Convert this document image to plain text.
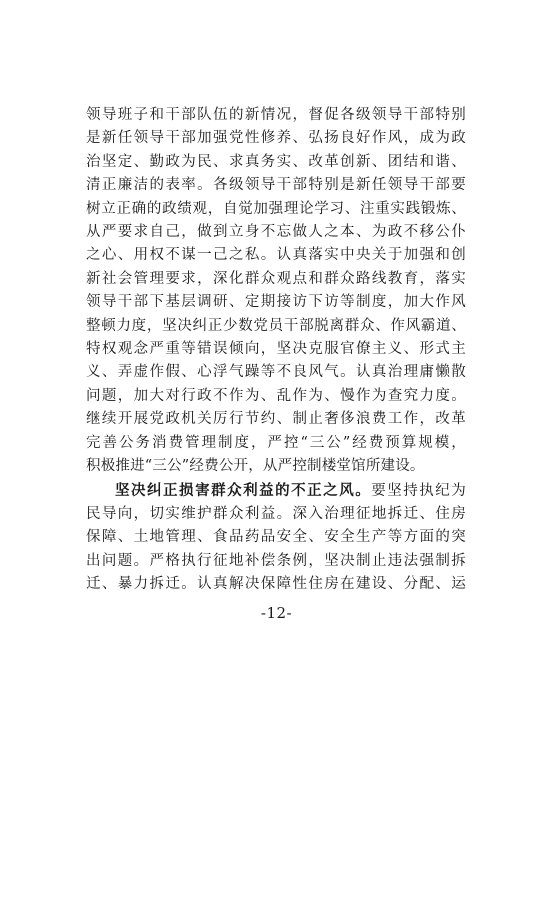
领导班子和干部队伍的新情况，督促各级领导干部特别
是新任领导干部加强党性修养、弘扬良好作风，成为政
治坚定、勤政为民、求真务实、改革创新、团结和谐、
清正廉洁的表率。各级领导干部特别是新任领导干部要
树立正确的政绩观，自觉加强理论学习、注重实践锻炼、
从严要求自己，做到立身不忘做人之本、为政不移公仆
之心、用权不谋一己之私。认真落实中央关于加强和创
新社会管理要求，深化群众观点和群众路线教育，落实
领导干部下基层调研、定期接访下访等制度，加大作风
整顿力度，坚决纠正少数党员干部脱离群众、作风霸道、
特权观念严重等错误倾向，坚决克服官僚主义、形式主
义、弄虚作假、心浮气躁等不良风气。认真治理庸懒散
问题，加大对行政不作为、乱作为、慢作为查究力度。
继续开展党政机关厉行节约、制止奢侈浪费工作，改革
完善公务消费管理制度，严控“三公”经费预算规模，
积极推进“三公”经费公开，从严控制楼堂馆所建设。
坚决纠正损害群众利益的不正之风。要坚持执纪为
民导向，切实维护群众利益。深入治理征地拆迁、住房
保障、土地管理、食品药品安全、安全生产等方面的突
出问题。严格执行征地补偿条例，坚决制止违法强制拆
迁、暴力拆迁。认真解决保障性住房在建设、分配、运
-12-
